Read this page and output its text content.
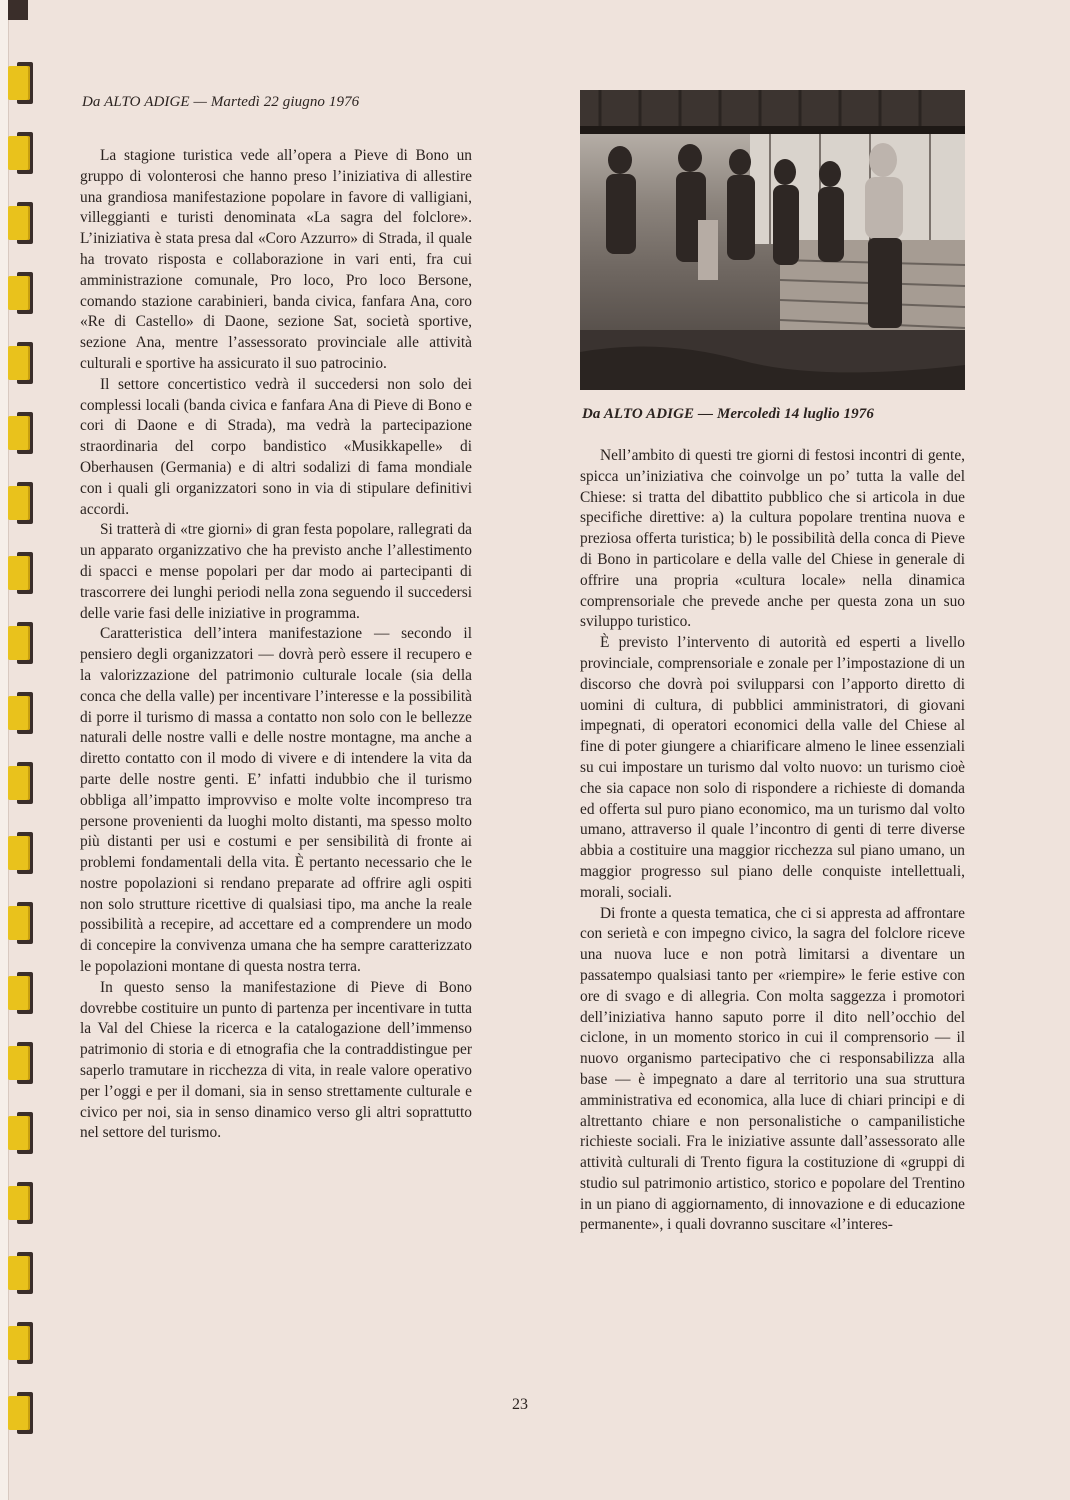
Da ALTO ADIGE — Martedì 22 giugno 1976

La stagione turistica vede all’opera a Pieve di Bono un gruppo di volonterosi che hanno preso l’iniziativa di allestire una grandiosa manifestazione popolare in favore di valligiani, villeggianti e turisti denominata «La sagra del folclore». L’iniziativa è stata presa dal «Coro Azzurro» di Strada, il quale ha trovato risposta e collaborazione in vari enti, fra cui amministrazione comunale, Pro loco, Pro loco Bersone, comando stazione carabinieri, banda civica, fanfara Ana, coro «Re di Castello» di Daone, sezione Sat, società sportive, sezione Ana, mentre l’assessorato provinciale alle attività culturali e sportive ha assicurato il suo patrocinio.

Il settore concertistico vedrà il succedersi non solo dei complessi locali (banda civica e fanfara Ana di Pieve di Bono e cori di Daone e di Strada), ma vedrà la partecipazione straordinaria del corpo bandistico «Musikkapelle» di Oberhausen (Germania) e di altri sodalizi di fama mondiale con i quali gli organizzatori sono in via di stipulare definitivi accordi.

Si tratterà di «tre giorni» di gran festa popolare, rallegrati da un apparato organizzativo che ha previsto anche l’allestimento di spacci e mense popolari per dar modo ai partecipanti di trascorrere dei lunghi periodi nella zona seguendo il succedersi delle varie fasi delle iniziative in programma.

Caratteristica dell’intera manifestazione — secondo il pensiero degli organizzatori — dovrà però essere il recupero e la valorizzazione del patrimonio culturale locale (sia della conca che della valle) per incentivare l’interesse e la possibilità di porre il turismo di massa a contatto non solo con le bellezze naturali delle nostre valli e delle nostre montagne, ma anche a diretto contatto con il modo di vivere e di intendere la vita da parte delle nostre genti. E’ infatti indubbio che il turismo obbliga all’impatto improvviso e molte volte incompreso tra persone provenienti da luoghi molto distanti, ma spesso molto più distanti per usi e costumi e per sensibilità di fronte ai problemi fondamentali della vita. È pertanto necessario che le nostre popolazioni si rendano preparate ad offrire agli ospiti non solo strutture ricettive di qualsiasi tipo, ma anche la reale possibilità a recepire, ad accettare ed a comprendere un modo di concepire la convivenza umana che ha sempre caratterizzato le popolazioni montane di questa nostra terra.

In questo senso la manifestazione di Pieve di Bono dovrebbe costituire un punto di partenza per incentivare in tutta la Val del Chiese la ricerca e la catalogazione dell’immenso patrimonio di storia e di etnografia che la contraddistingue per saperlo tramutare in ricchezza di vita, in reale valore operativo per l’oggi e per il domani, sia in senso strettamente culturale e civico per noi, sia in senso dinamico verso gli altri soprattutto nel settore del turismo.

Da ALTO ADIGE — Mercoledì 14 luglio 1976

Nell’ambito di questi tre giorni di festosi incontri di gente, spicca un’iniziativa che coinvolge un po’ tutta la valle del Chiese: si tratta del dibattito pubblico che si articola in due specifiche direttive: a) la cultura popolare trentina nuova e preziosa offerta turistica; b) le possibilità della conca di Pieve di Bono in particolare e della valle del Chiese in generale di offrire una propria «cultura locale» nella dinamica comprensoriale che prevede anche per questa zona un suo sviluppo turistico.

È previsto l’intervento di autorità ed esperti a livello provinciale, comprensoriale e zonale per l’impostazione di un discorso che dovrà poi svilupparsi con l’apporto diretto di uomini di cultura, di pubblici amministratori, di giovani impegnati, di operatori economici della valle del Chiese al fine di poter giungere a chiarificare almeno le linee essenziali su cui impostare un turismo dal volto nuovo: un turismo cioè che sia capace non solo di rispondere a richieste di domanda ed offerta sul puro piano economico, ma un turismo dal volto umano, attraverso il quale l’incontro di genti di terre diverse abbia a costituire una maggior ricchezza sul piano umano, un maggior progresso sul piano delle conquiste intellettuali, morali, sociali.

Di fronte a questa tematica, che ci si appresta ad affrontare con serietà e con impegno civico, la sagra del folclore riceve una nuova luce e non potrà limitarsi a diventare un passatempo qualsiasi tanto per «riempire» le ferie estive con ore di svago e di allegria. Con molta saggezza i promotori dell’iniziativa hanno saputo porre il dito nell’occhio del ciclone, in un momento storico in cui il comprensorio — il nuovo organismo partecipativo che ci responsabilizza alla base — è impegnato a dare al territorio una sua struttura amministrativa ed economica, alla luce di chiari principi e di altrettanto chiare e non personalistiche o campanilistiche richieste sociali. Fra le iniziative assunte dall’assessorato alle attività culturali di Trento figura la costituzione di «gruppi di studio sul patrimonio artistico, storico e popolare del Trentino in un piano di aggiornamento, di innovazione e di educazione permanente», i quali dovranno suscitare «l’interes-

23
